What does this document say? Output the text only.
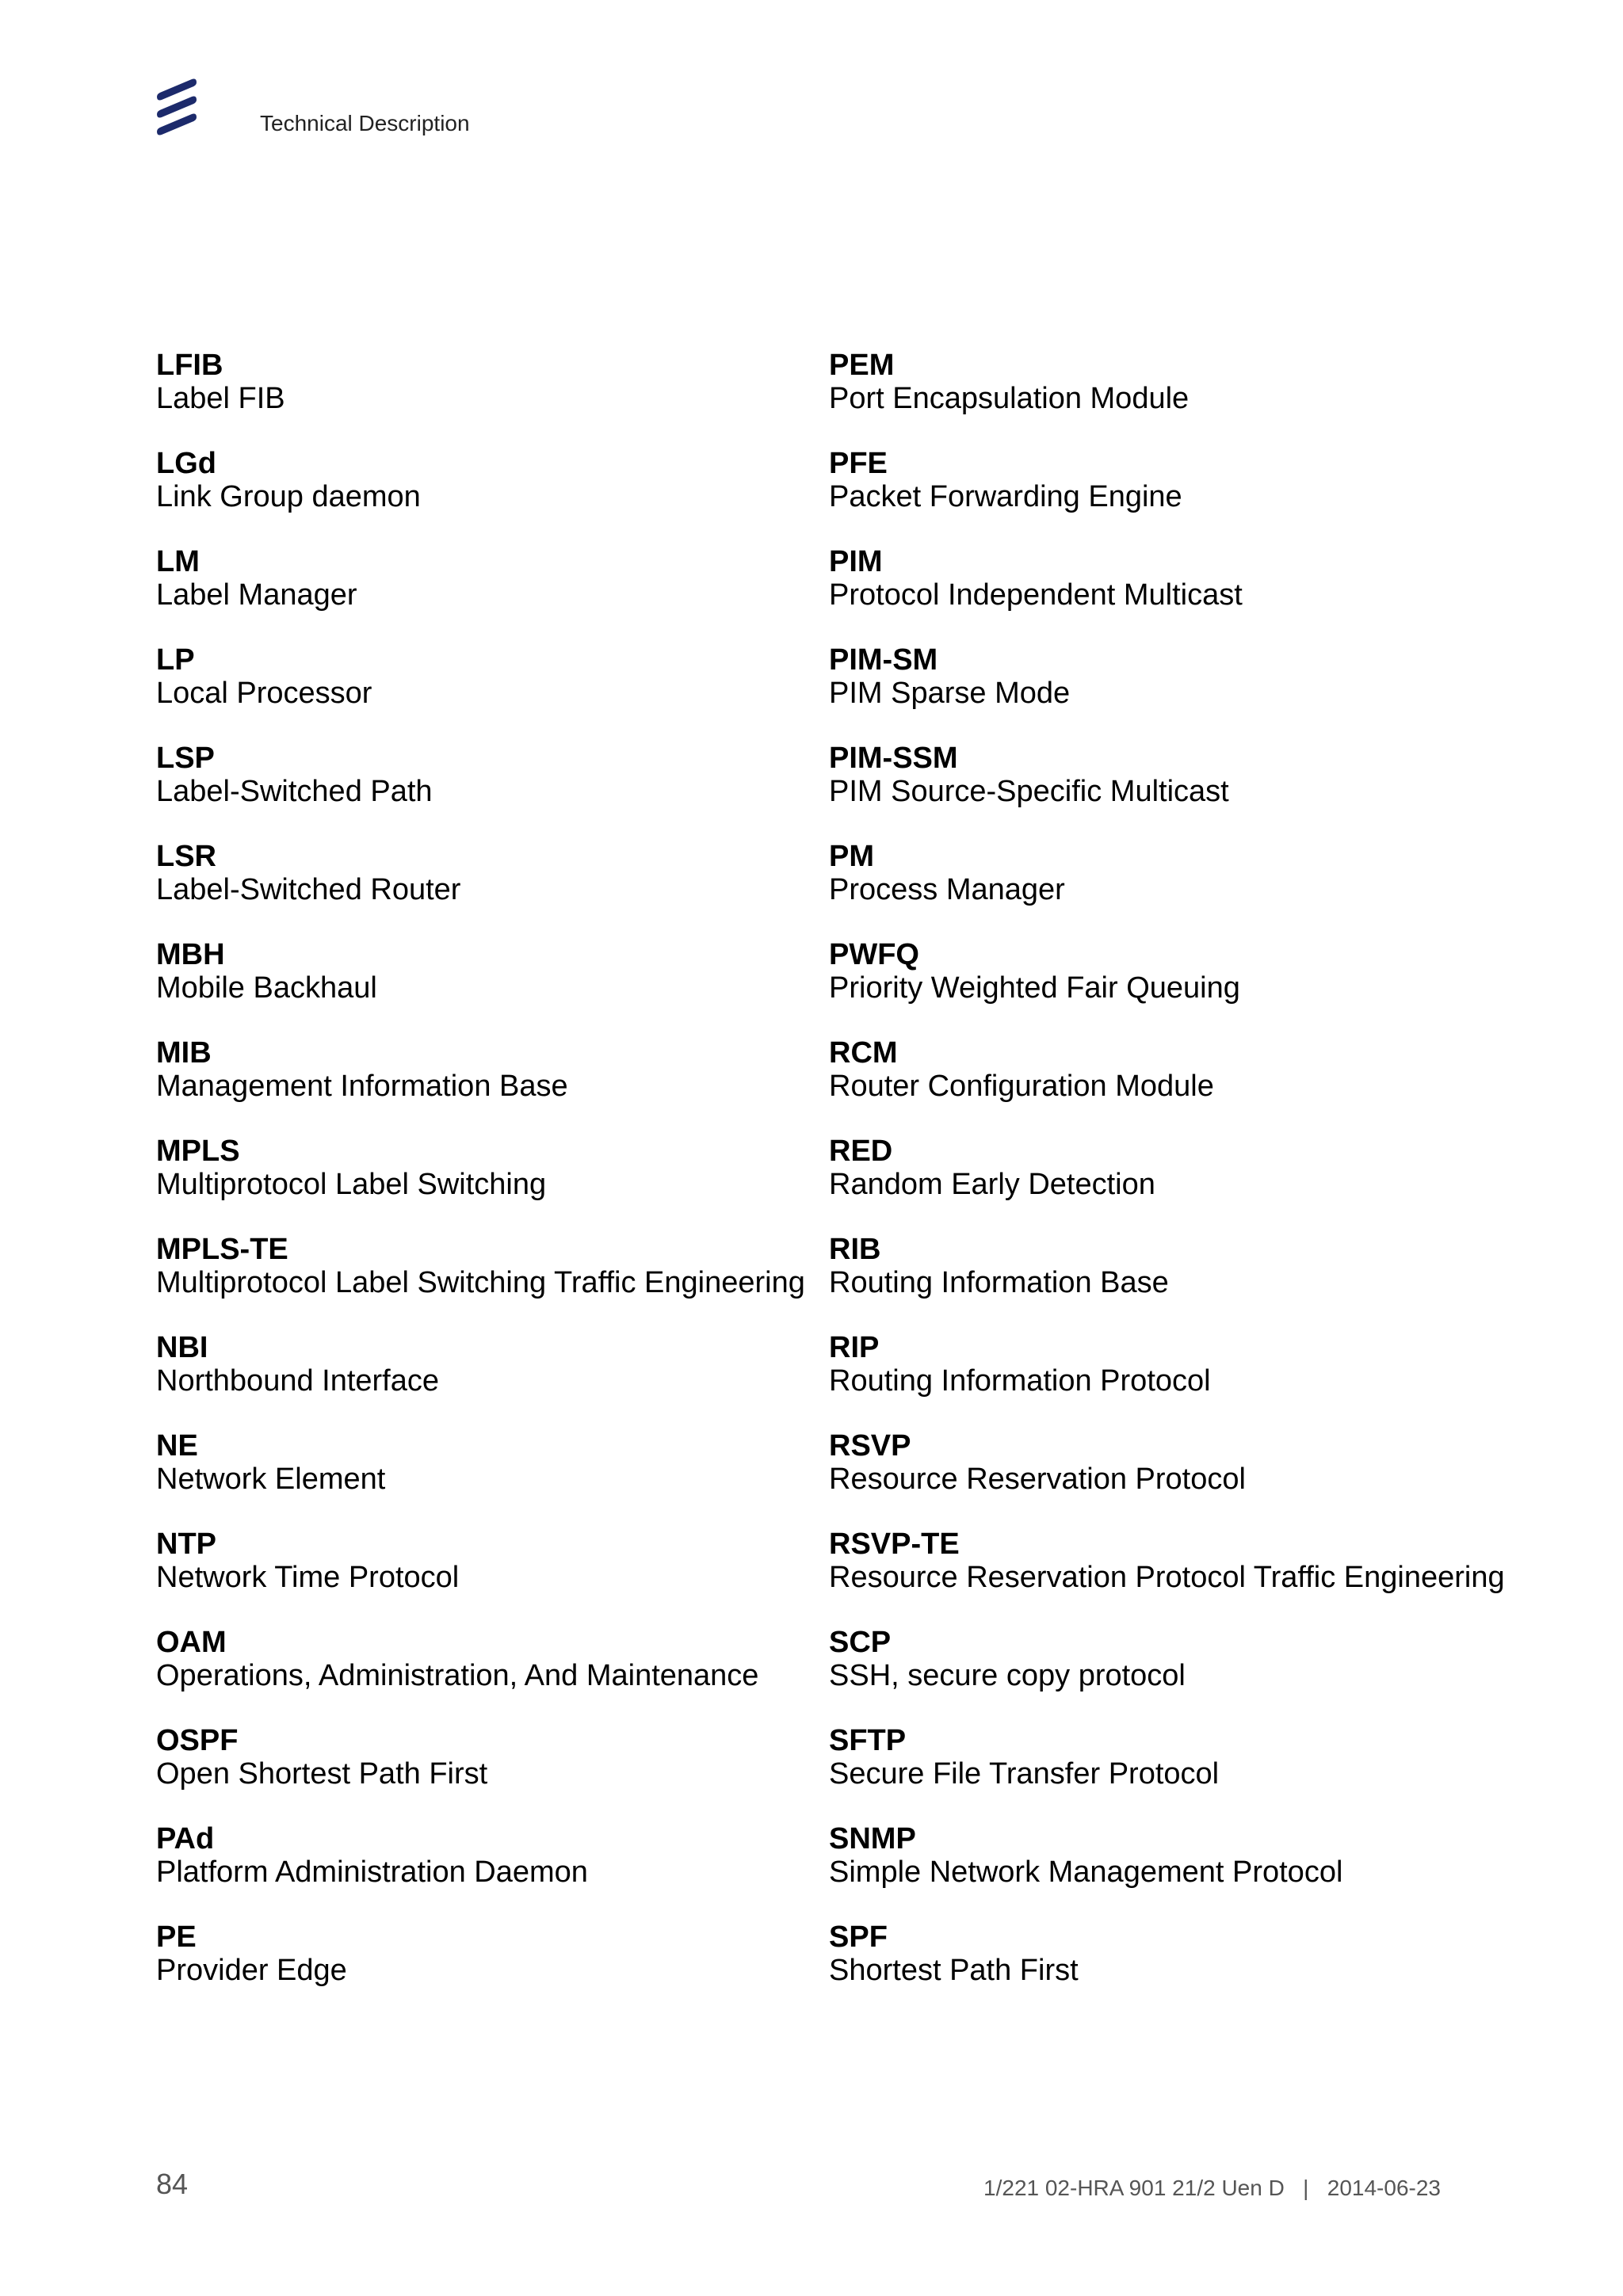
Technical Description
LFIB
Label FIB
LGd
Link Group daemon
LM
Label Manager
LP
Local Processor
LSP
Label-Switched Path
LSR
Label-Switched Router
MBH
Mobile Backhaul
MIB
Management Information Base
MPLS
Multiprotocol Label Switching
MPLS-TE
Multiprotocol Label Switching Traffic Engineering
NBI
Northbound Interface
NE
Network Element
NTP
Network Time Protocol
OAM
Operations, Administration, And Maintenance
OSPF
Open Shortest Path First
PAd
Platform Administration Daemon
PE
Provider Edge
PEM
Port Encapsulation Module
PFE
Packet Forwarding Engine
PIM
Protocol Independent Multicast
PIM-SM
PIM Sparse Mode
PIM-SSM
PIM Source-Specific Multicast
PM
Process Manager
PWFQ
Priority Weighted Fair Queuing
RCM
Router Configuration Module
RED
Random Early Detection
RIB
Routing Information Base
RIP
Routing Information Protocol
RSVP
Resource Reservation Protocol
RSVP-TE
Resource Reservation Protocol Traffic Engineering
SCP
SSH, secure copy protocol
SFTP
Secure File Transfer Protocol
SNMP
Simple Network Management Protocol
SPF
Shortest Path First
84	1/221 02-HRA 901 21/2 Uen D   |   2014-06-23
